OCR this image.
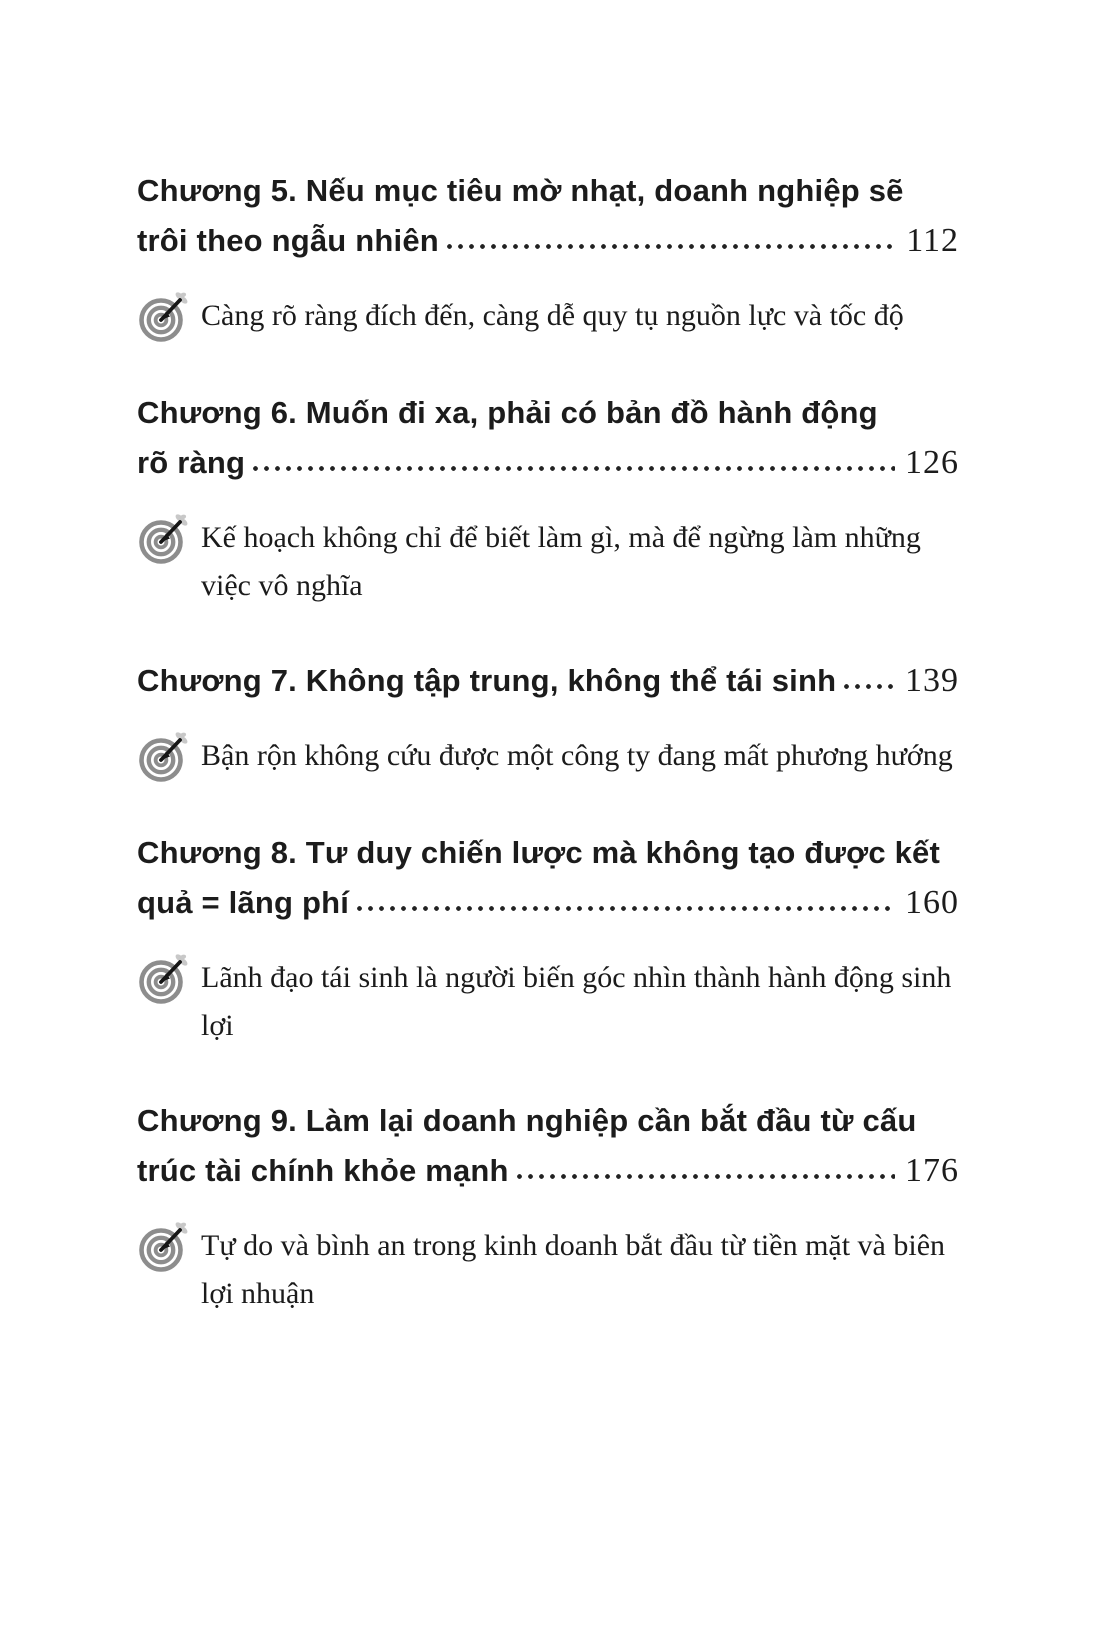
Chương 5. Nếu mục tiêu mờ nhạt, doanh nghiệp sẽ
trôi theo ngẫu nhiên	112
Càng rõ ràng đích đến, càng dễ quy tụ nguồn lực và tốc độ
Chương 6. Muốn đi xa, phải có bản đồ hành động
rõ ràng	126
Kế hoạch không chỉ để biết làm gì, mà để ngừng làm những việc vô nghĩa
Chương 7. Không tập trung, không thể tái sinh 139
Bận rộn không cứu được một công ty đang mất phương hướng
Chương 8. Tư duy chiến lược mà không tạo được kết
quả = lãng phí	160
Lãnh đạo tái sinh là người biến góc nhìn thành hành động sinh lợi
Chương 9. Làm lại doanh nghiệp cần bắt đầu từ cấu
trúc tài chính khỏe mạnh	176
Tự do và bình an trong kinh doanh bắt đầu từ tiền mặt và biên lợi nhuận
